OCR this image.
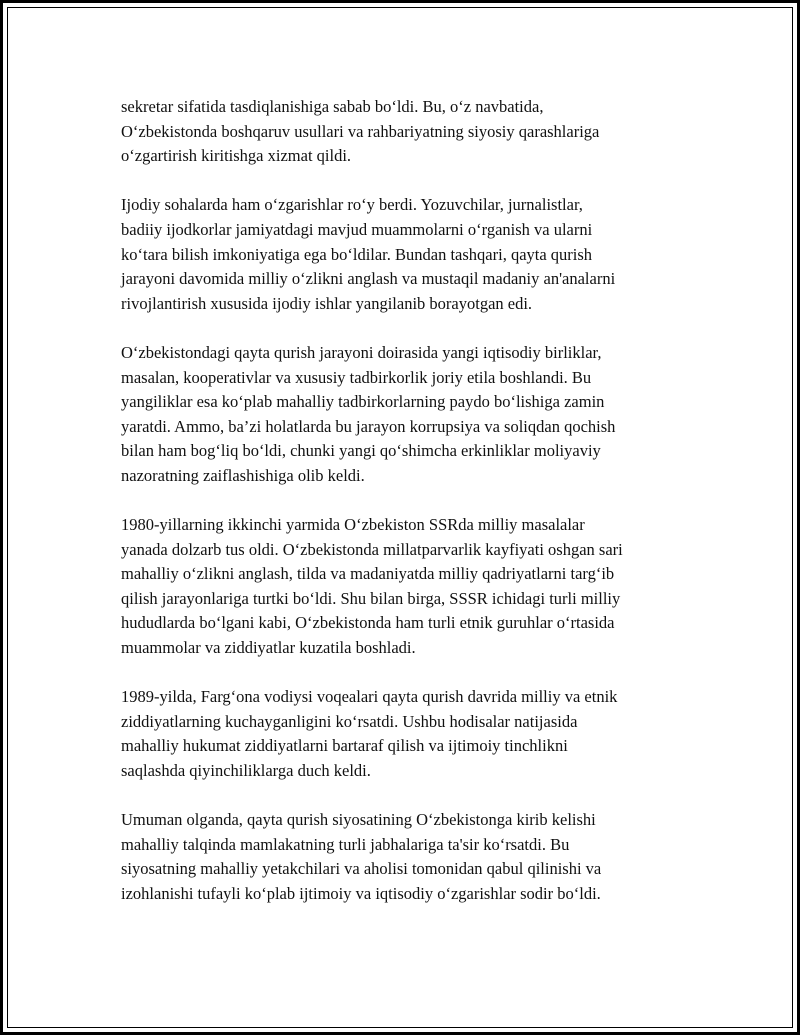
sekretar sifatida tasdiqlanishiga sabab bo‘ldi. Bu, o‘z navbatida,
O‘zbekistonda boshqaruv usullari va rahbariyatning siyosiy qarashlariga
o‘zgartirish kiritishga xizmat qildi.

Ijodiy sohalarda ham o‘zgarishlar ro‘y berdi. Yozuvchilar, jurnalistlar,
badiiy ijodkorlar jamiyatdagi mavjud muammolarni o‘rganish va ularni
ko‘tara bilish imkoniyatiga ega bo‘ldilar. Bundan tashqari, qayta qurish
jarayoni davomida milliy o‘zlikni anglash va mustaqil madaniy an'analarni
rivojlantirish xususida ijodiy ishlar yangilanib borayotgan edi.

O‘zbekistondagi qayta qurish jarayoni doirasida yangi iqtisodiy birliklar,
masalan, kooperativlar va xususiy tadbirkorlik joriy etila boshlandi. Bu
yangiliklar esa ko‘plab mahalliy tadbirkorlarning paydo bo‘lishiga zamin
yaratdi. Ammo, ba’zi holatlarda bu jarayon korrupsiya va soliqdan qochish
bilan ham bog‘liq bo‘ldi, chunki yangi qo‘shimcha erkinliklar moliyaviy
nazoratning zaiflashishiga olib keldi.

1980-yillarning ikkinchi yarmida O‘zbekiston SSRda milliy masalalar
yanada dolzarb tus oldi. O‘zbekistonda millatparvarlik kayfiyati oshgan sari
mahalliy o‘zlikni anglash, tilda va madaniyatda milliy qadriyatlarni targ‘ib
qilish jarayonlariga turtki bo‘ldi. Shu bilan birga, SSSR ichidagi turli milliy
hududlarda bo‘lgani kabi, O‘zbekistonda ham turli etnik guruhlar o‘rtasida
muammolar va ziddiyatlar kuzatila boshladi.

1989-yilda, Farg‘ona vodiysi voqealari qayta qurish davrida milliy va etnik
ziddiyatlarning kuchayganligini ko‘rsatdi. Ushbu hodisalar natijasida
mahalliy hukumat ziddiyatlarni bartaraf qilish va ijtimoiy tinchlikni
saqlashda qiyinchiliklarga duch keldi.

Umuman olganda, qayta qurish siyosatining O‘zbekistonga kirib kelishi
mahalliy talqinda mamlakatning turli jabhalariga ta'sir ko‘rsatdi. Bu
siyosatning mahalliy yetakchilari va aholisi tomonidan qabul qilinishi va
izohlanishi tufayli ko‘plab ijtimoiy va iqtisodiy o‘zgarishlar sodir bo‘ldi.
